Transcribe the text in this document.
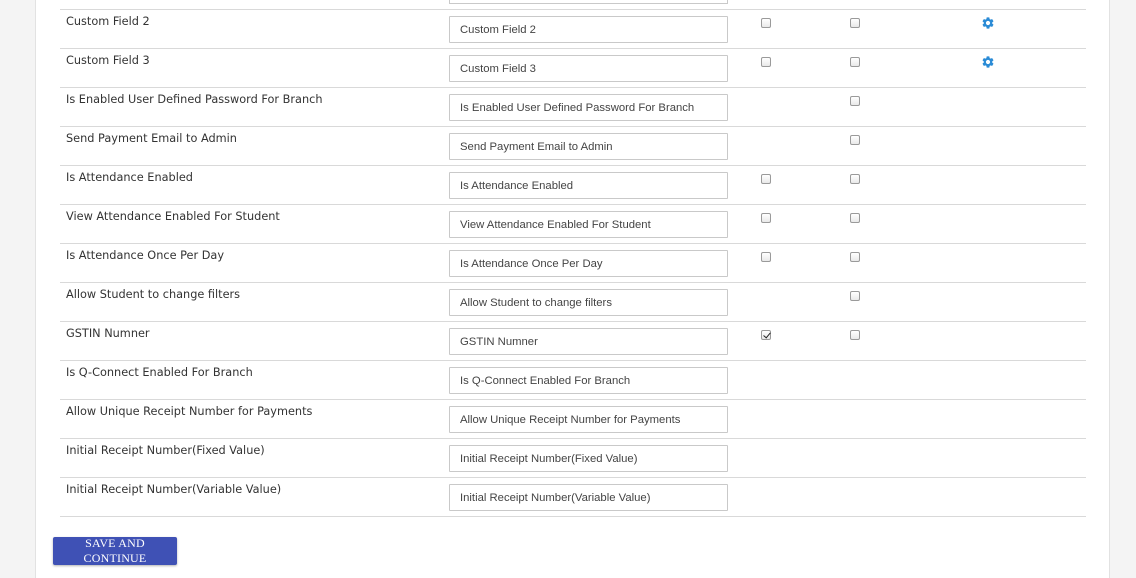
Custom Field 2
Custom Field 2
Custom Field 3
Custom Field 3
Is Enabled User Defined Password For Branch
Is Enabled User Defined Password For Branch
Send Payment Email to Admin
Send Payment Email to Admin
Is Attendance Enabled
Is Attendance Enabled
View Attendance Enabled For Student
View Attendance Enabled For Student
Is Attendance Once Per Day
Is Attendance Once Per Day
Allow Student to change filters
Allow Student to change filters
GSTIN Numner
GSTIN Numner
Is Q-Connect Enabled For Branch
Is Q-Connect Enabled For Branch
Allow Unique Receipt Number for Payments
Allow Unique Receipt Number for Payments
Initial Receipt Number(Fixed Value)
Initial Receipt Number(Fixed Value)
Initial Receipt Number(Variable Value)
Initial Receipt Number(Variable Value)
SAVE AND CONTINUE
